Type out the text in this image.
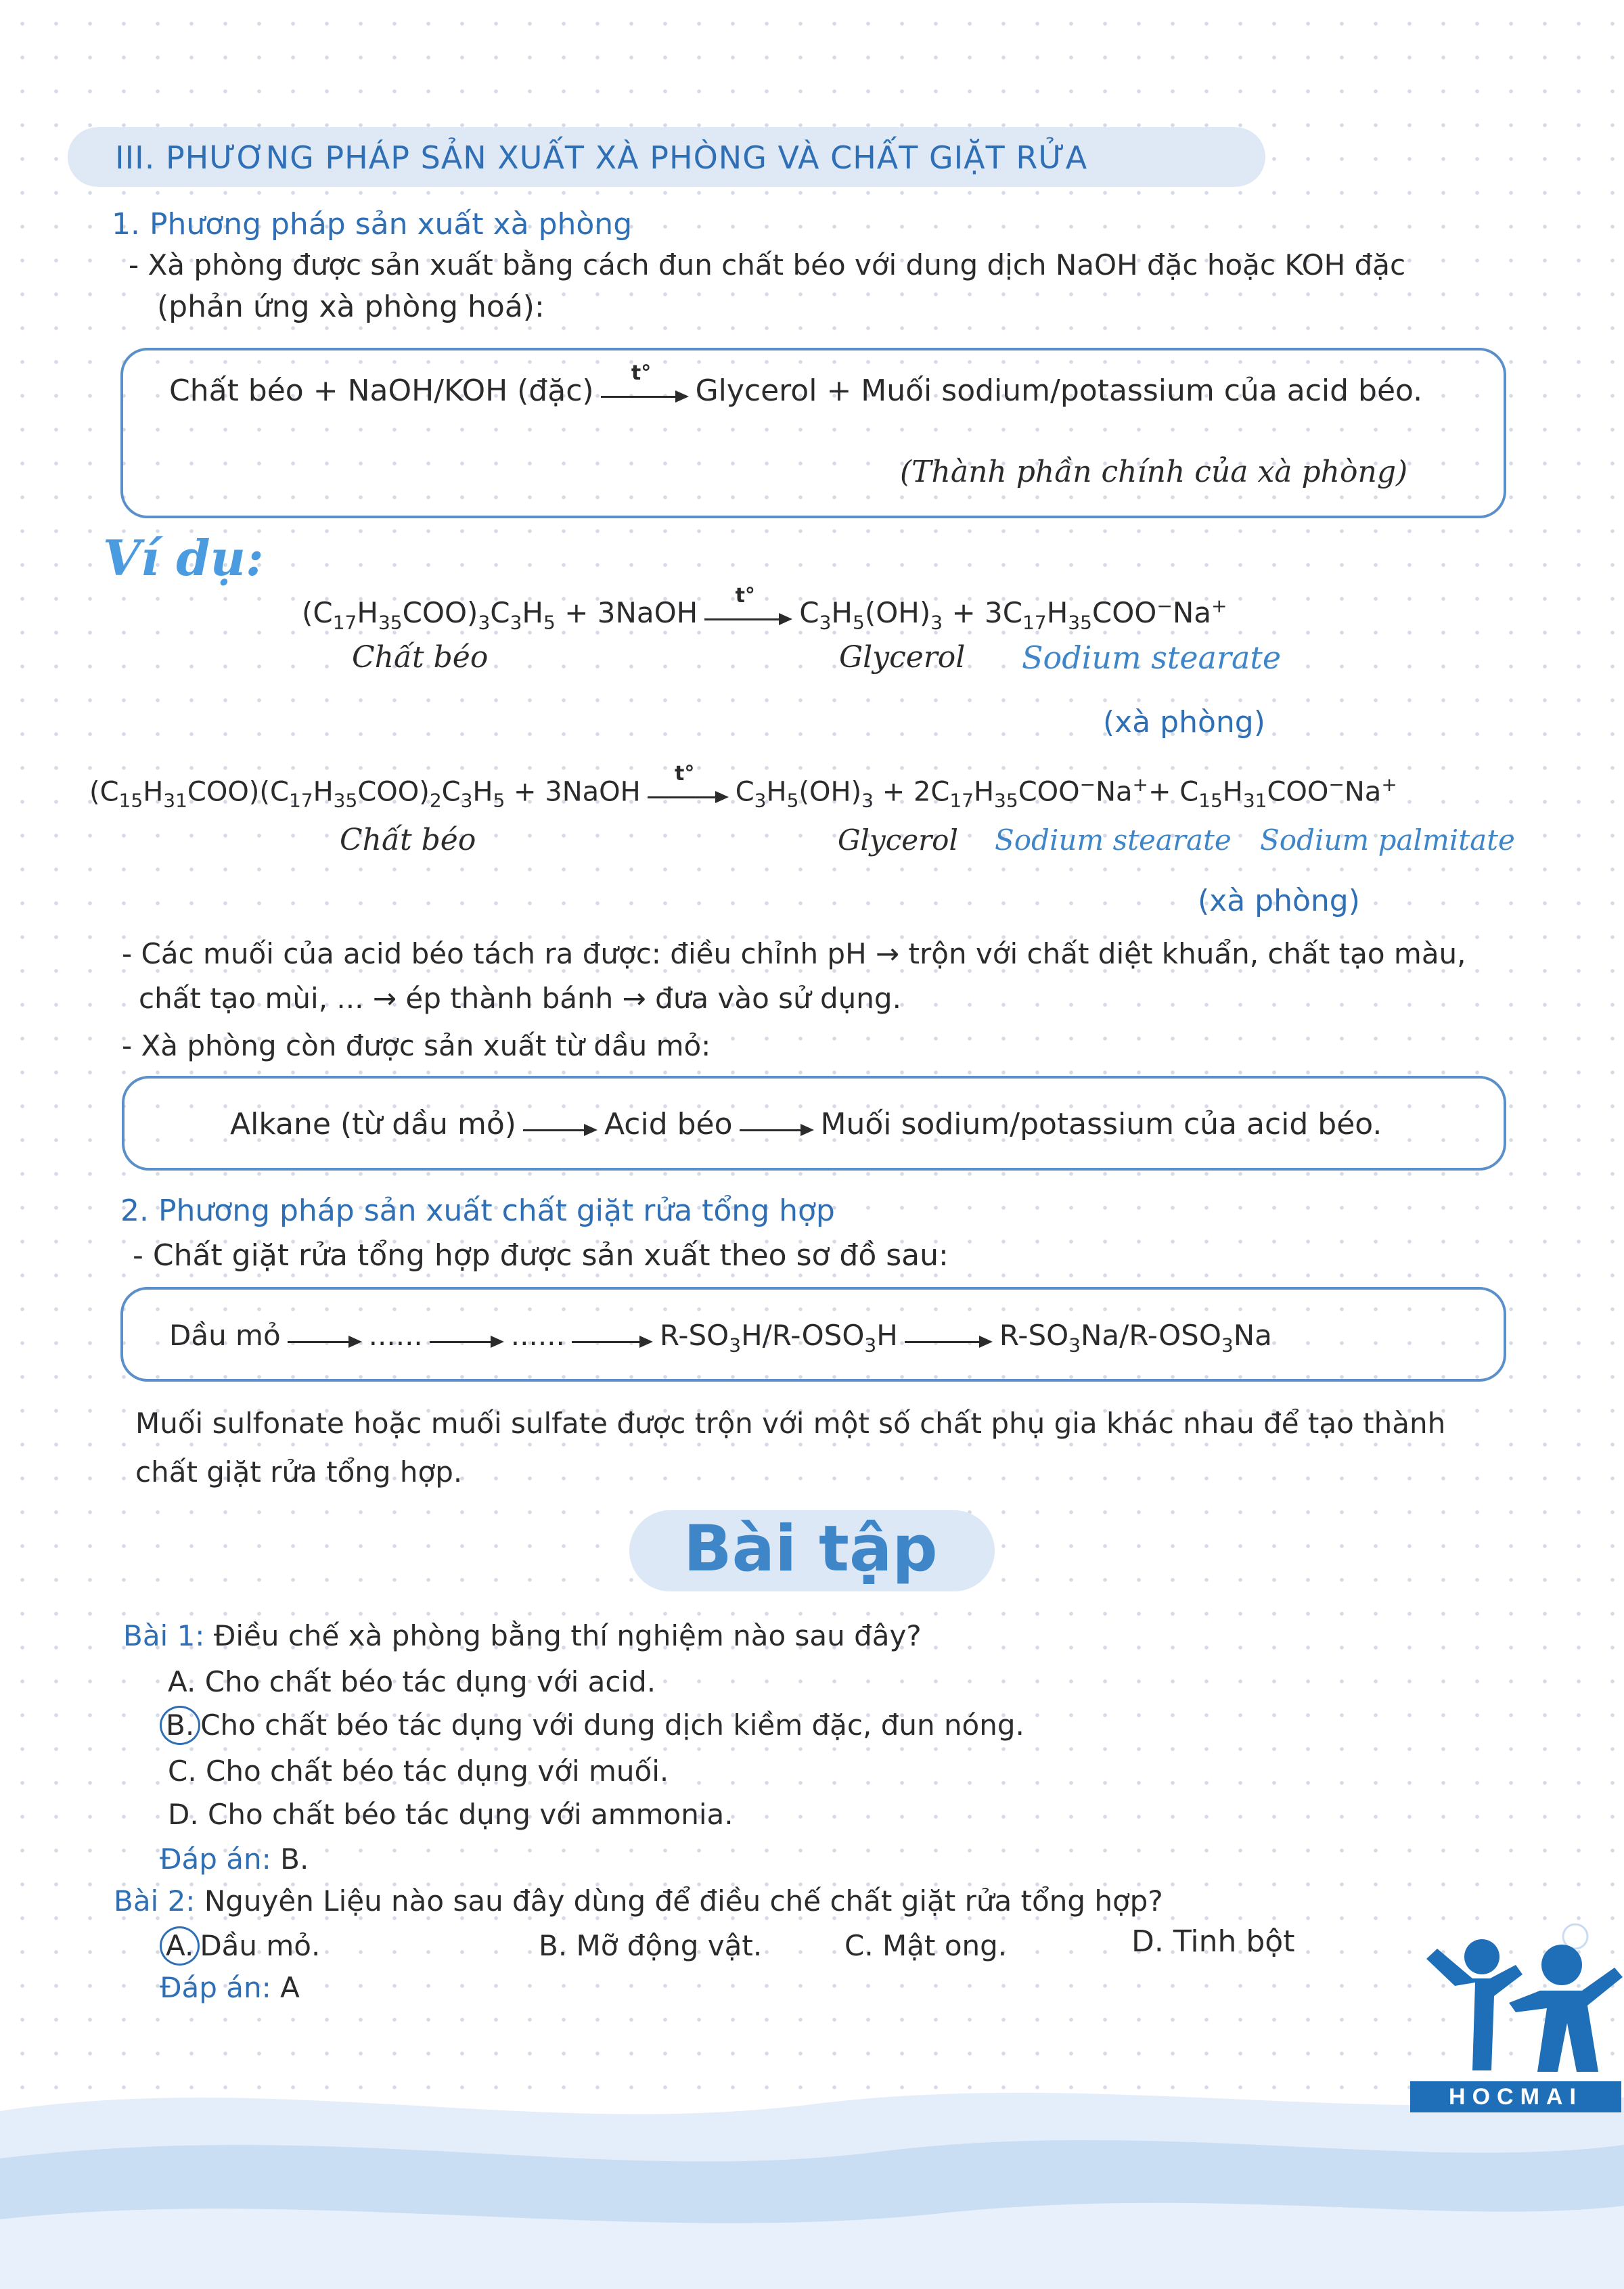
III. PHƯƠNG PHÁP SẢN XUẤT XÀ PHÒNG VÀ CHẤT GIẶT RỬA
1. Phương pháp sản xuất xà phòng
- Xà phòng được sản xuất bằng cách đun chất béo với dung dịch NaOH đặc hoặc KOH đặc
(phản ứng xà phòng hoá):
Chất béo + NaOH/KOH (đặc)
t°
Glycerol + Muối sodium/potassium của acid béo.
(Thành phần chính của xà phòng)
Ví dụ:
$(C_{17}H_{35}COO)_3C_3H_5$ + 3NaOH
t°
$C_3H_5(OH)_3 + 3C_{17}H_{35}COO^-Na^+$
Chất béo	Glycerol Sodium stearate
(xà phòng)
$(C_{15}H_{31}COO)(C_{17}H_{35}COO)_2C_3H_5$ + 3NaOH
t°
$C_3H_5(OH)_3 + 2C_{17}H_{35}COO^-Na^++ C_{15}H_{31}COO^-Na^+$
Chất béo	Glycerol Sodium stearate Sodium palmitate
(xà phòng)
- Các muối của acid béo tách ra được: điều chỉnh pH → trộn với chất diệt khuẩn, chất tạo màu,
chất tạo mùi, ... → ép thành bánh → đưa vào sử dụng.
- Xà phòng còn được sản xuất từ dầu mỏ:
Alkane (từ dầu mỏ)	Acid béo	Muối sodium/potassium của acid béo.
2. Phương pháp sản xuất chất giặt rửa tổng hợp
- Chất giặt rửa tổng hợp được sản xuất theo sơ đồ sau:
Dầu mỏ	......	......	$R-SO_3H/R-OSO_3H$	$R-SO_3Na/R-OSO_3Na$
Muối sulfonate hoặc muối sulfate được trộn với một số chất phụ gia khác nhau để tạo thành
chất giặt rửa tổng hợp.
Bài tập
Bài 1: Điều chế xà phòng bằng thí nghiệm nào sau đây?
A. Cho chất béo tác dụng với acid.
B. Cho chất béo tác dụng với dung dịch kiềm đặc, đun nóng.
C. Cho chất béo tác dụng với muối.
D. Cho chất béo tác dụng với ammonia.
Đáp án: B.
Bài 2: Nguyên Liệu nào sau đây dùng để điều chế chất giặt rửa tổng hợp?
A. Dầu mỏ.	B. Mỡ động vật.	C. Mật ong.	D. Tinh bột
Đáp án: A
HOCMAI
